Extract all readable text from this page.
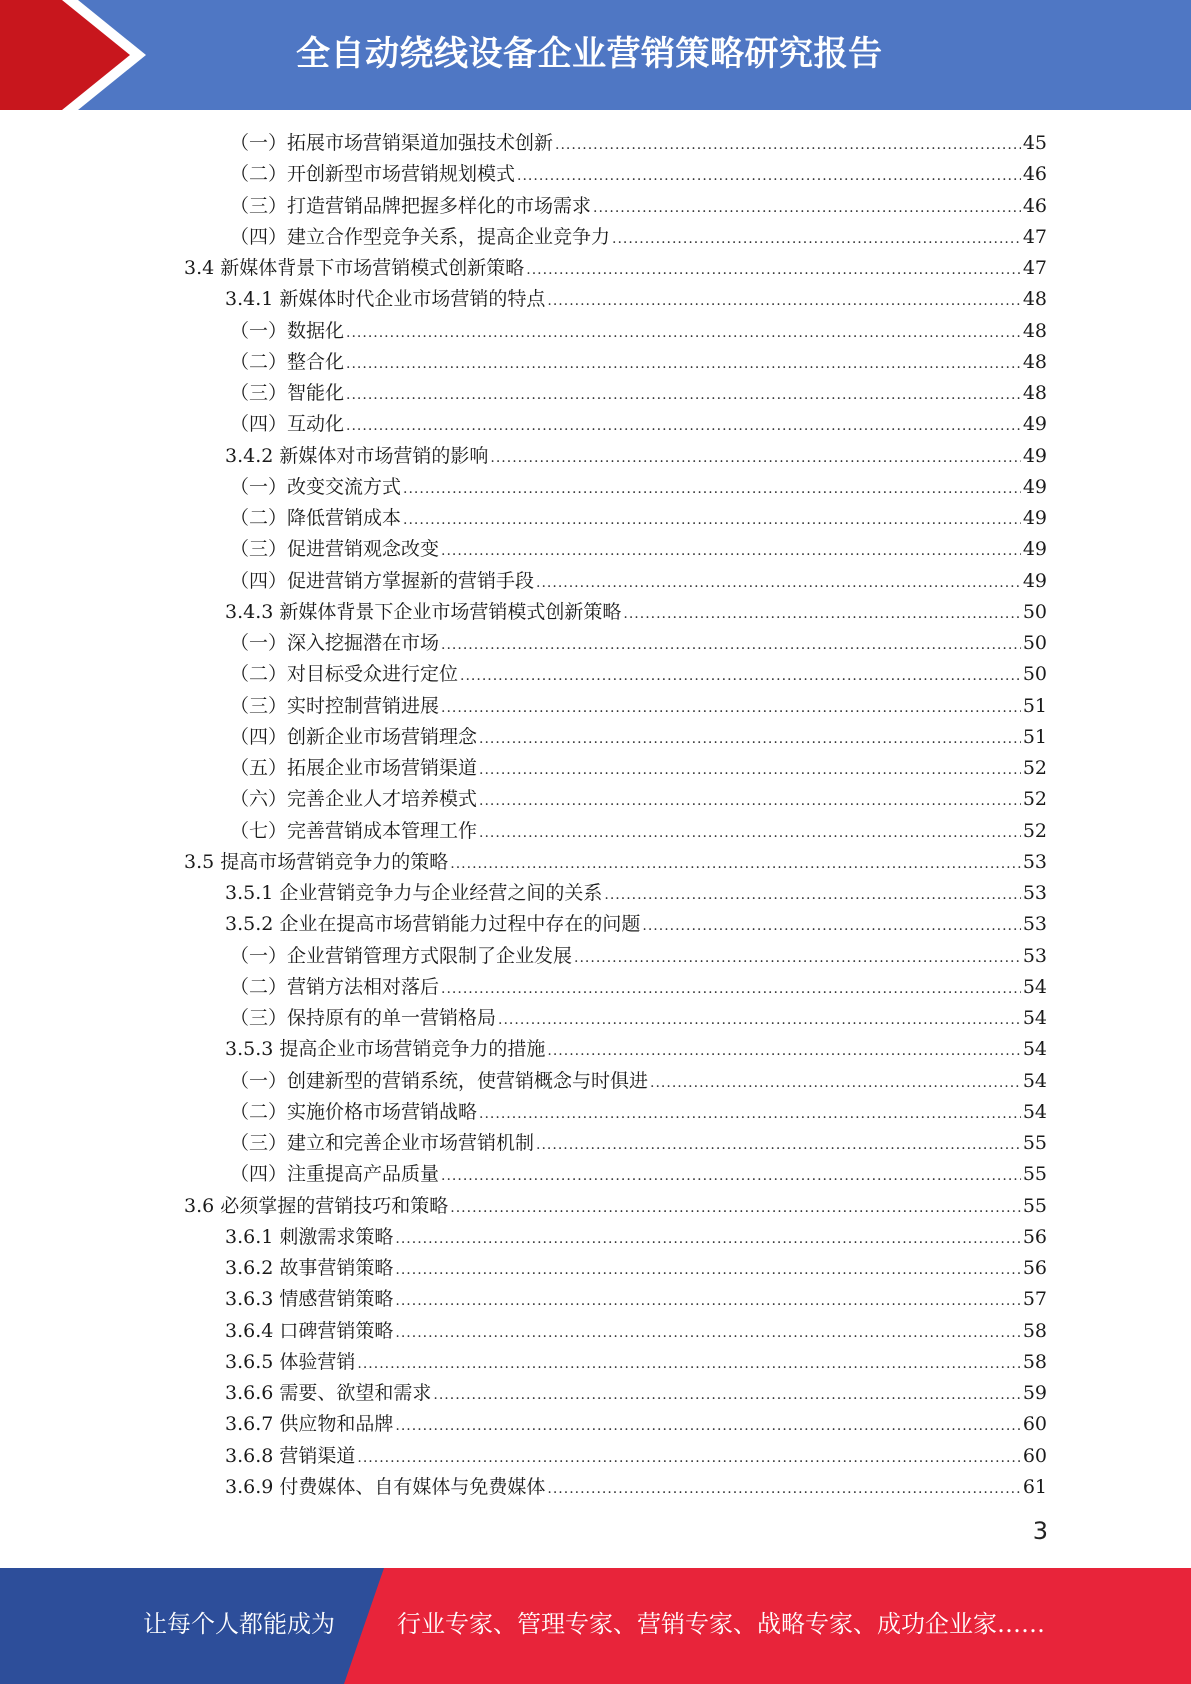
全自动绕线设备企业营销策略研究报告
（一）拓展市场营销渠道加强技术创新 .....	45
（二）开创新型市场营销规划模式 .....	46
（三）打造营销品牌把握多样化的市场需求 .....	46
（四）建立合作型竞争关系，提高企业竞争力 .....	47
3.4 新媒体背景下市场营销模式创新策略 .....	47
3.4.1 新媒体时代企业市场营销的特点 .....	48
（一）数据化 .....	48
（二）整合化 .....	48
（三）智能化 .....	48
（四）互动化 .....	49
3.4.2 新媒体对市场营销的影响 .....	49
（一）改变交流方式 .....	49
（二）降低营销成本 .....	49
（三）促进营销观念改变 .....	49
（四）促进营销方掌握新的营销手段 .....	49
3.4.3 新媒体背景下企业市场营销模式创新策略 .....	50
（一）深入挖掘潜在市场 .....	50
（二）对目标受众进行定位 .....	50
（三）实时控制营销进展 .....	51
（四）创新企业市场营销理念 .....	51
（五）拓展企业市场营销渠道 .....	52
（六）完善企业人才培养模式 .....	52
（七）完善营销成本管理工作 .....	52
3.5 提高市场营销竞争力的策略 .....	53
3.5.1 企业营销竞争力与企业经营之间的关系 .....	53
3.5.2 企业在提高市场营销能力过程中存在的问题 .....	53
（一）企业营销管理方式限制了企业发展 .....	53
（二）营销方法相对落后 .....	54
（三）保持原有的单一营销格局 .....	54
3.5.3 提高企业市场营销竞争力的措施 .....	54
（一）创建新型的营销系统，使营销概念与时俱进 .....	54
（二）实施价格市场营销战略 .....	54
（三）建立和完善企业市场营销机制 .....	55
（四）注重提高产品质量 .....	55
3.6 必须掌握的营销技巧和策略 .....	55
3.6.1 刺激需求策略 .....	56
3.6.2 故事营销策略 .....	56
3.6.3 情感营销策略 .....	57
3.6.4 口碑营销策略 .....	58
3.6.5 体验营销 .....	58
3.6.6 需要、欲望和需求 .....	59
3.6.7 供应物和品牌 .....	60
3.6.8 营销渠道 .....	60
3.6.9 付费媒体、自有媒体与免费媒体 .....	61
3
让每个人都能成为	行业专家、管理专家、营销专家、战略专家、成功企业家……
